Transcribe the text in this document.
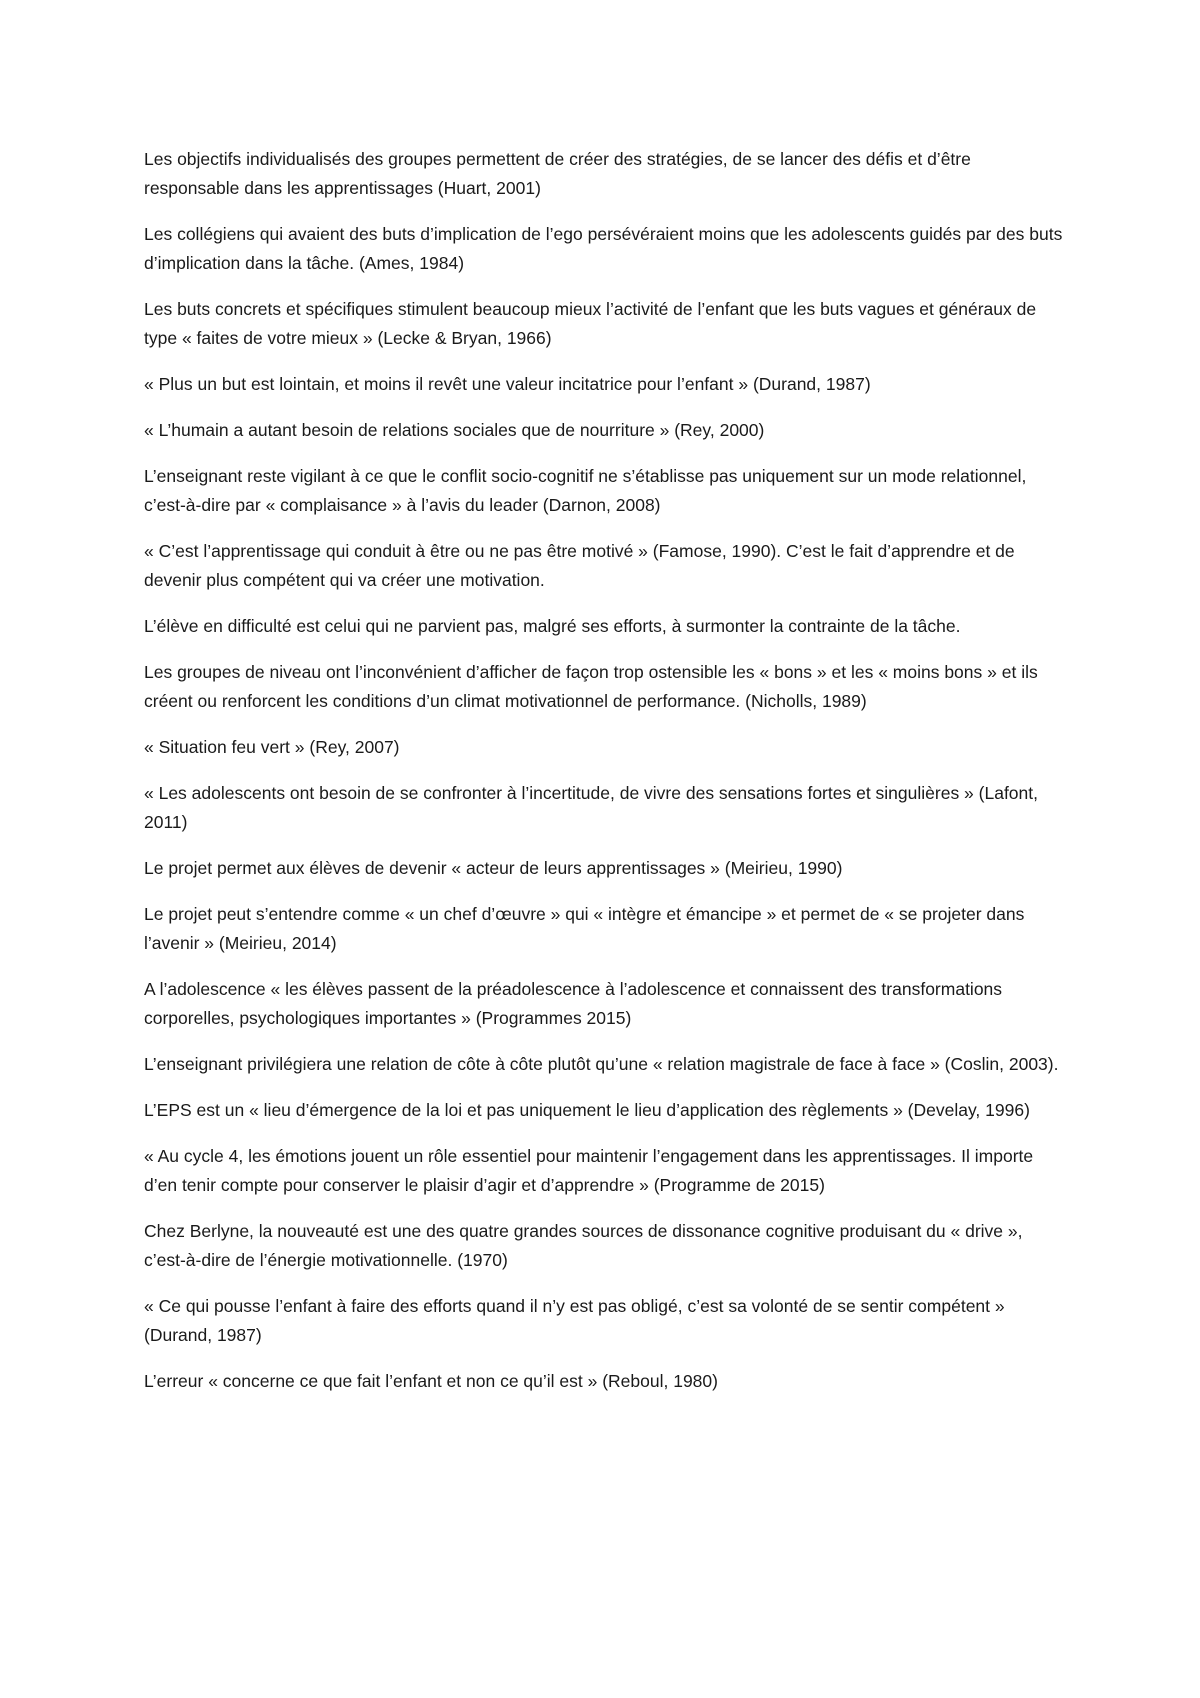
Les objectifs individualisés des groupes permettent de créer des stratégies, de se lancer des défis et d’être responsable dans les apprentissages (Huart, 2001)

Les collégiens qui avaient des buts d’implication de l’ego persévéraient moins que les adolescents guidés par des buts d’implication dans la tâche. (Ames, 1984)

Les buts concrets et spécifiques stimulent beaucoup mieux l’activité de l’enfant que les buts vagues et généraux de type « faites de votre mieux » (Lecke & Bryan, 1966)

« Plus un but est lointain, et moins il revêt une valeur incitatrice pour l’enfant » (Durand, 1987)

« L’humain a autant besoin de relations sociales que de nourriture » (Rey, 2000)

L’enseignant reste vigilant à ce que le conflit socio-cognitif ne s’établisse pas uniquement sur un mode relationnel, c’est-à-dire par « complaisance » à l’avis du leader (Darnon, 2008)

« C’est l’apprentissage qui conduit à être ou ne pas être motivé » (Famose, 1990). C’est le fait d’apprendre et de devenir plus compétent qui va créer une motivation.

L’élève en difficulté est celui qui ne parvient pas, malgré ses efforts, à surmonter la contrainte de la tâche.

Les groupes de niveau ont l’inconvénient d’afficher de façon trop ostensible les « bons » et les « moins bons » et ils créent ou renforcent les conditions d’un climat motivationnel de performance. (Nicholls, 1989)

« Situation feu vert » (Rey, 2007)

« Les adolescents ont besoin de se confronter à l’incertitude, de vivre des sensations fortes et singulières » (Lafont, 2011)

Le projet permet aux élèves de devenir « acteur de leurs apprentissages » (Meirieu, 1990)

Le projet peut s’entendre comme « un chef d’œuvre » qui « intègre et émancipe » et permet de « se projeter dans l’avenir » (Meirieu, 2014)

A l’adolescence « les élèves passent de la préadolescence à l’adolescence et connaissent des transformations corporelles, psychologiques importantes » (Programmes 2015)

L’enseignant privilégiera une relation de côte à côte plutôt qu’une « relation magistrale de face à face » (Coslin, 2003).

L’EPS est un « lieu d’émergence de la loi et pas uniquement le lieu d’application des règlements » (Develay, 1996)

« Au cycle 4, les émotions jouent un rôle essentiel pour maintenir l’engagement dans les apprentissages. Il importe d’en tenir compte pour conserver le plaisir d’agir et d’apprendre » (Programme de 2015)

Chez Berlyne, la nouveauté est une des quatre grandes sources de dissonance cognitive produisant du « drive », c’est-à-dire de l’énergie motivationnelle. (1970)

« Ce qui pousse l’enfant à faire des efforts quand il n’y est pas obligé, c’est sa volonté de se sentir compétent » (Durand, 1987)

L’erreur « concerne ce que fait l’enfant et non ce qu’il est » (Reboul, 1980)
